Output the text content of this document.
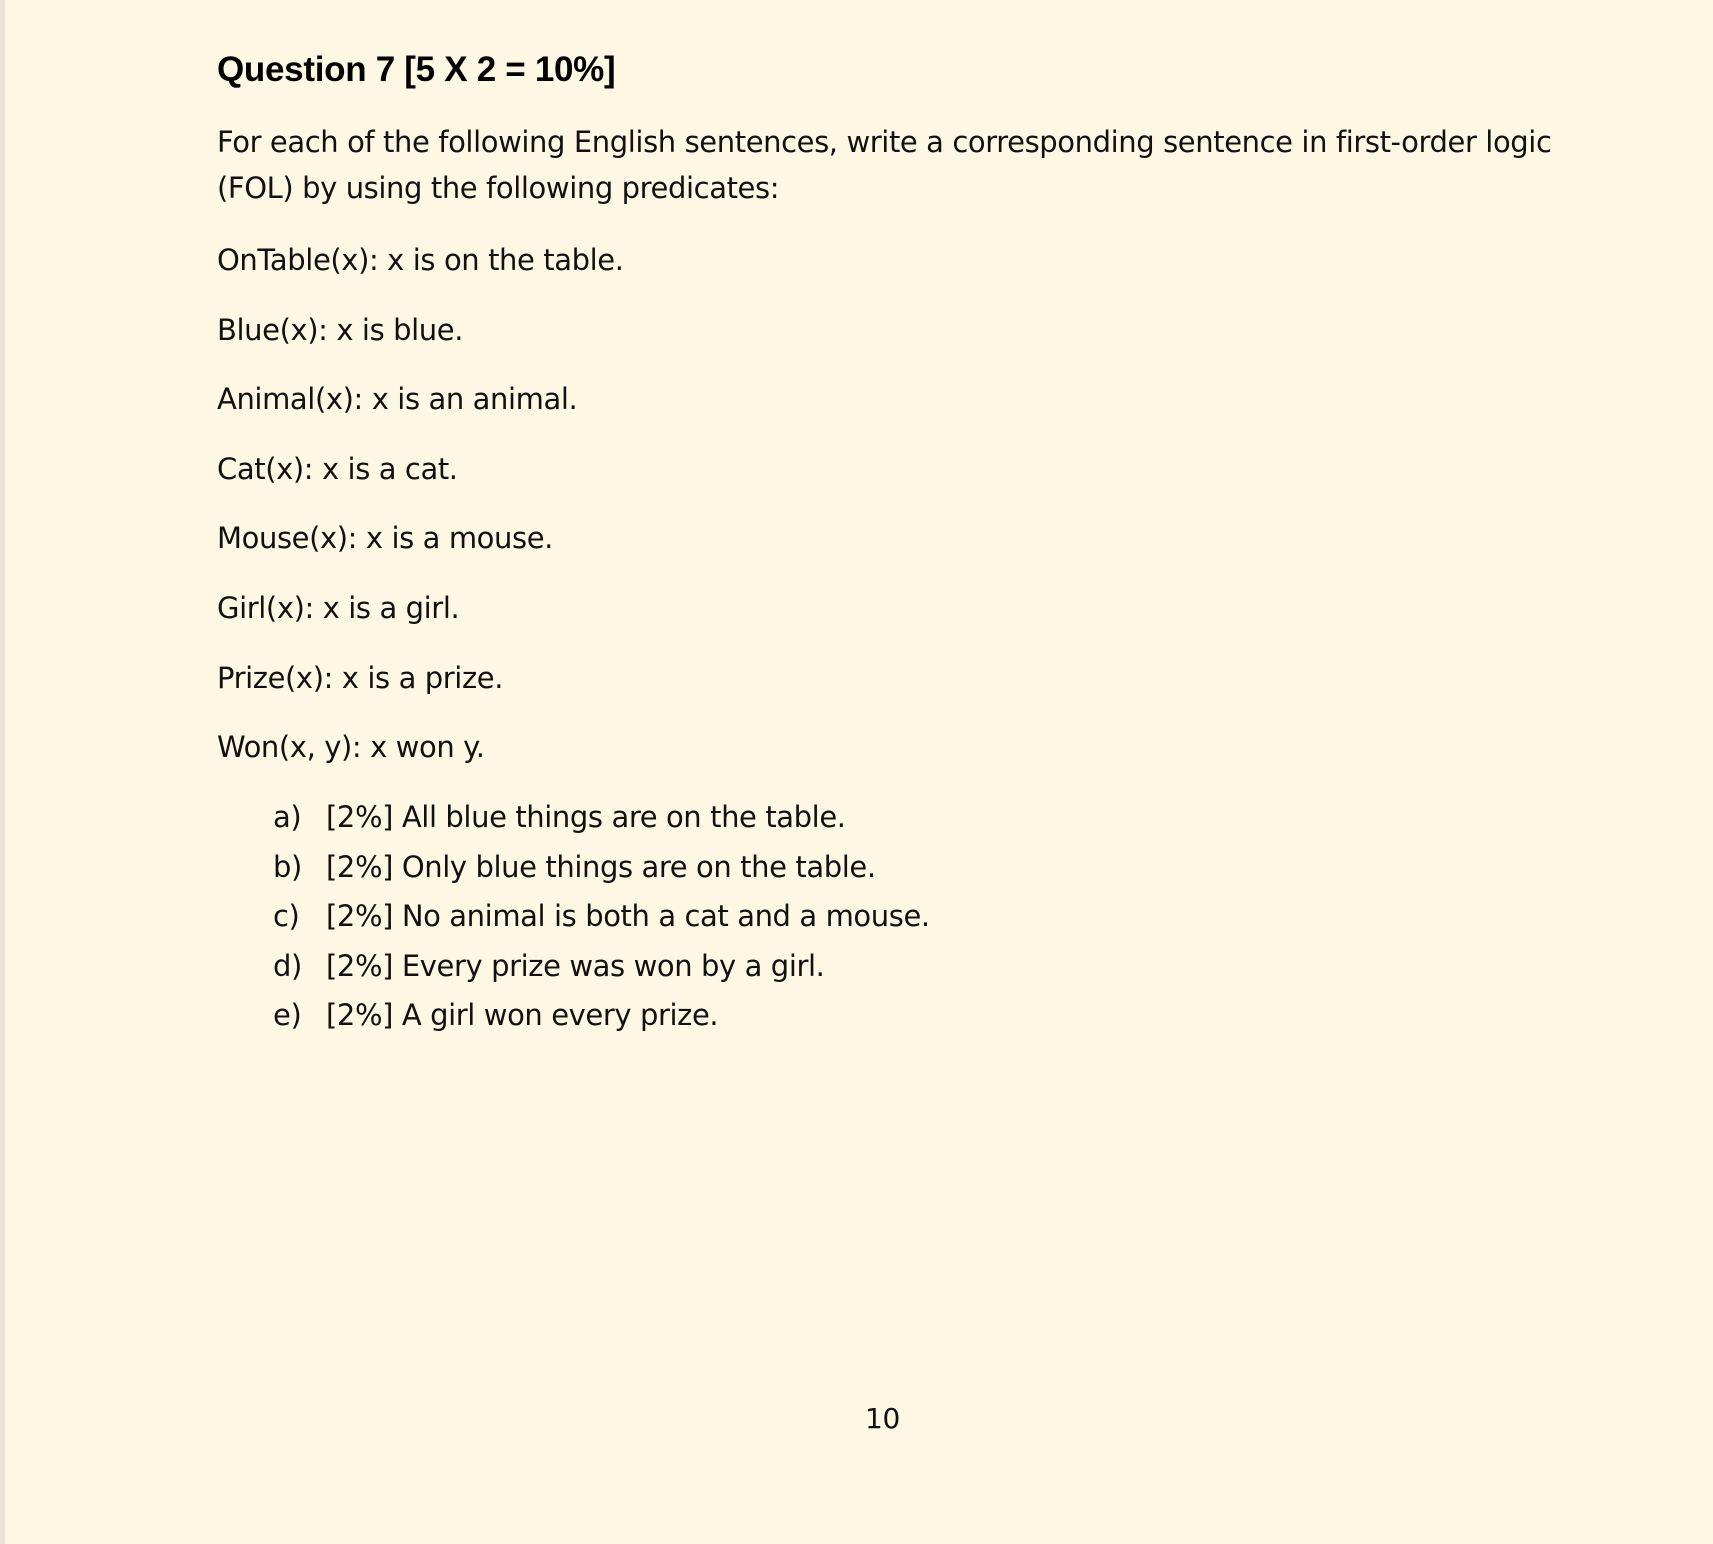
Question 7 [5 X 2 = 10%]

For each of the following English sentences, write a corresponding sentence in first-order logic (FOL) by using the following predicates:

OnTable(x): x is on the table.

Blue(x): x is blue.

Animal(x): x is an animal.

Cat(x): x is a cat.

Mouse(x): x is a mouse.

Girl(x): x is a girl.

Prize(x): x is a prize.

Won(x, y): x won y.

a) [2%] All blue things are on the table.
b) [2%] Only blue things are on the table.
c) [2%] No animal is both a cat and a mouse.
d) [2%] Every prize was won by a girl.
e) [2%] A girl won every prize.
10
